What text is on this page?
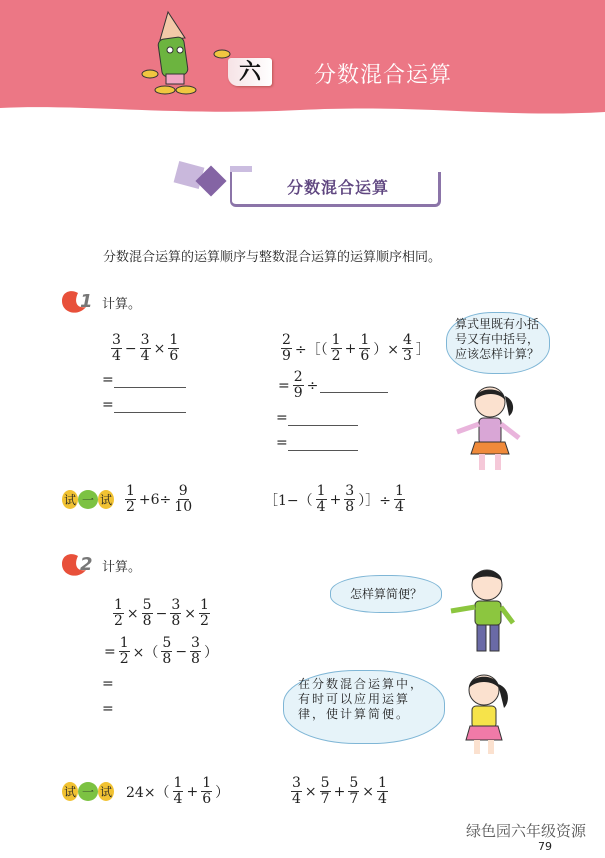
六	分数混合运算
分数混合运算
分数混合运算的运算顺序与整数混合运算的运算顺序相同。
1 计算。
$\frac{3}{4} - \frac{3}{4} \times \frac{1}{6}$
=
=
$\frac{2}{9}$ ÷［（ $\frac{1}{2} + \frac{1}{6}$ ）× $\frac{4}{3}$ ］
= $\frac{2}{9}$ ÷
=
=
算式里既有小括号又有中括号，应该怎样计算？
试 一 试 $\frac{1}{2} +6\div \frac{9}{10}$	［1−（ $\frac{1}{4} + \frac{3}{8}$ ）］÷ $\frac{1}{4}$
2 计算。
$\frac{1}{2} \times \frac{5}{8} - \frac{3}{8} \times \frac{1}{2}$
= $\frac{1}{2}$ ×（ $\frac{5}{8} - \frac{3}{8}$ ）
=
=
怎样算简便？
在分数混合运算中，有时可以应用运算律，使计算简便。
试 一 试 $24\times( \frac{1}{4} + \frac{1}{6}$ ）	$\frac{3}{4} \times \frac{5}{7} + \frac{5}{7} \times \frac{1}{4}$
绿色园六年级资源
79
